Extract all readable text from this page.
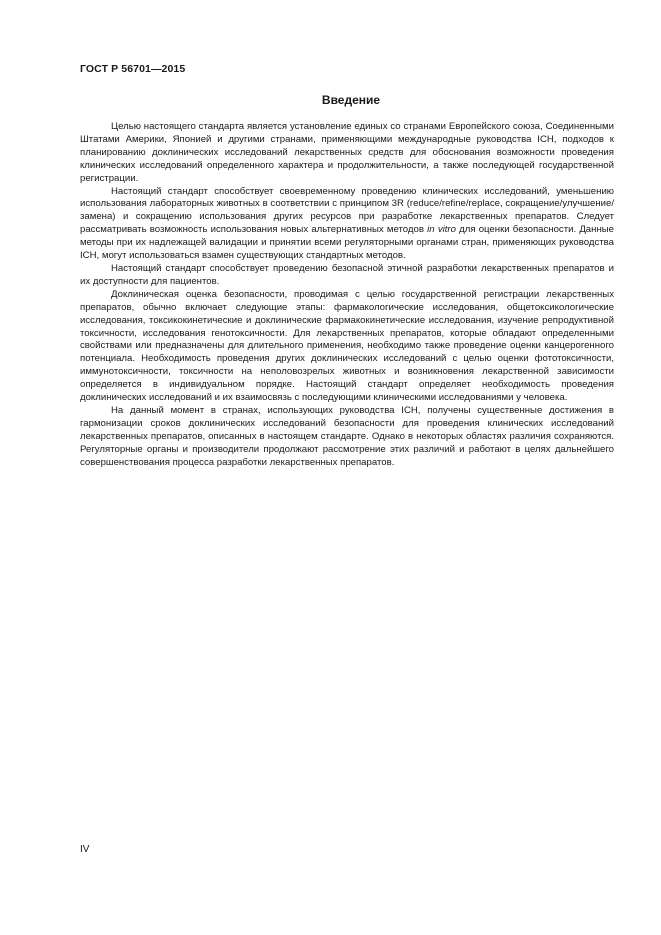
ГОСТ Р 56701—2015
Введение

Целью настоящего стандарта является установление единых со странами Европейского союза, Соединенными Штатами Америки, Японией и другими странами, применяющими международные руководства ICH, подходов к планированию доклинических исследований лекарственных средств для обоснования возможности проведения клинических исследований определенного характера и продолжительности, а также последующей государственной регистрации.

Настоящий стандарт способствует своевременному проведению клинических исследований, уменьшению использования лабораторных животных в соответствии с принципом 3R (reduce/refine/replace, сокращение/улучшение/замена) и сокращению использования других ресурсов при разработке лекарственных препаратов. Следует рассматривать возможность использования новых альтернативных методов in vitro для оценки безопасности. Данные методы при их надлежащей валидации и принятии всеми регуляторными органами стран, применяющих руководства ICH, могут использоваться взамен существующих стандартных методов.

Настоящий стандарт способствует проведению безопасной этичной разработки лекарственных препаратов и их доступности для пациентов.

Доклиническая оценка безопасности, проводимая с целью государственной регистрации лекарственных препаратов, обычно включает следующие этапы: фармакологические исследования, общетоксикологические исследования, токсикокинетические и доклинические фармакокинетические исследования, изучение репродуктивной токсичности, исследования генотоксичности. Для лекарственных препаратов, которые обладают определенными свойствами или предназначены для длительного применения, необходимо также проведение оценки канцерогенного потенциала. Необходимость проведения других доклинических исследований с целью оценки фототоксичности, иммунотоксичности, токсичности на неполовозрелых животных и возникновения лекарственной зависимости определяется в индивидуальном порядке. Настоящий стандарт определяет необходимость проведения доклинических исследований и их взаимосвязь с последующими клиническими исследованиями у человека.

На данный момент в странах, использующих руководства ICH, получены существенные достижения в гармонизации сроков доклинических исследований безопасности для проведения клинических исследований лекарственных препаратов, описанных в настоящем стандарте. Однако в некоторых областях различия сохраняются. Регуляторные органы и производители продолжают рассмотрение этих различий и работают в целях дальнейшего совершенствования процесса разработки лекарственных препаратов.

IV
